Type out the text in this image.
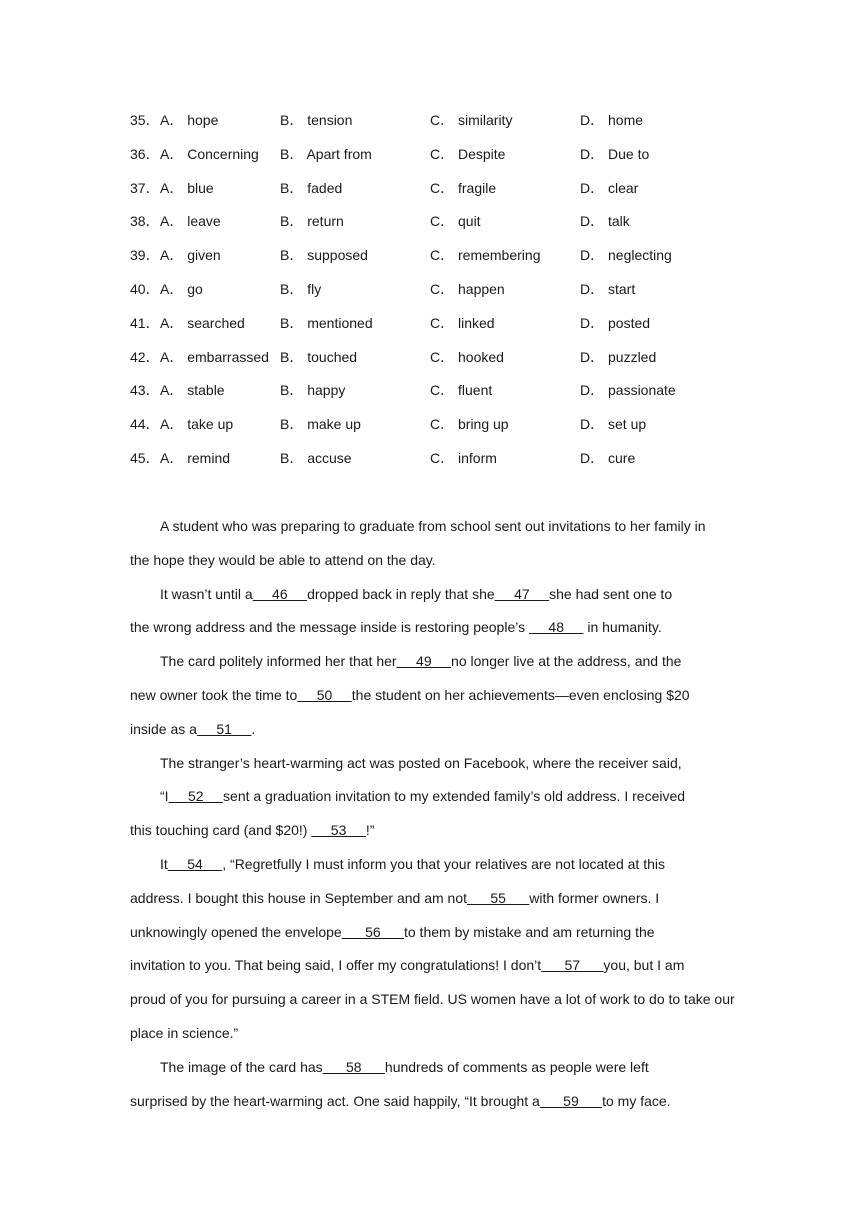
35． A． hope	B． tension	C． similarity	D． home
36． A． Concerning B． Apart from	C． Despite	D． Due to
37． A． blue	B． faded	C． fragile	D． clear
38． A． leave	B． return	C． quit	D． talk
39． A． given	B． supposed	C． remembering	D． neglecting
40． A． go	B． fly	C． happen	D． start
41． A． searched	B． mentioned	C． linked	D． posted
42． A． embarrassed B． touched	C． hooked	D． puzzled
43． A． stable	B． happy	C． fluent	D． passionate
44． A． take up	B． make up	C． bring up	D． set up
45． A． remind	B． accuse	C． inform	D． cure
A student who was preparing to graduate from school sent out invitations to her family in
the hope they would be able to attend on the day.
It wasn’t until a     46     dropped back in reply that she     47     she had sent one to
the wrong address and the message inside is restoring people’s      48      in humanity.
The card politely informed her that her     49     no longer live at the address, and the
new owner took the time to     50     the student on her achievements—even enclosing $20
inside as a     51     .
The stranger’s heart-warming act was posted on Facebook, where the receiver said,
“I     52     sent a graduation invitation to my extended family’s old address. I received
this touching card (and $20!)      53     !”
It     54     , “Regretfully I must inform you that your relatives are not located at this
address. I bought this house in September and am not      55      with former owners. I
unknowingly opened the envelope      56      to them by mistake and am returning the
invitation to you. That being said, I offer my congratulations! I don’t      57      you, but I am
proud of you for pursuing a career in a STEM field. US women have a lot of work to do to take our
place in science.”
The image of the card has      58      hundreds of comments as people were left
surprised by the heart-warming act. One said happily, “It brought a      59      to my face.
